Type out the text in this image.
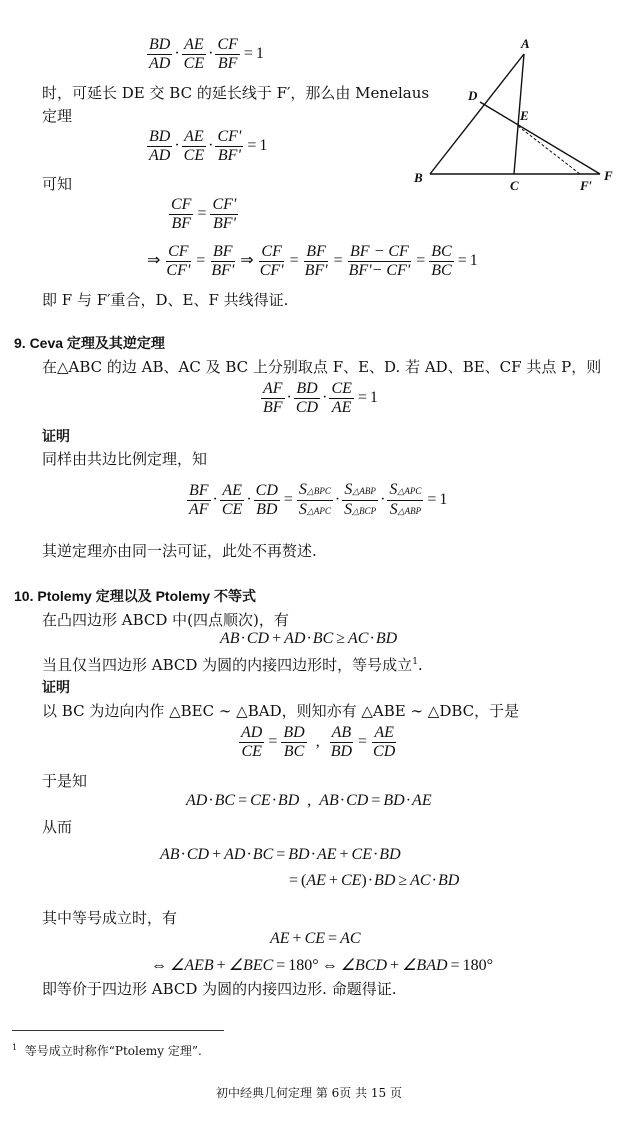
$\frac{BD}{AD} \cdot \frac{AE}{CE} \cdot \frac{CF}{BF} = 1$
时，可延长 DE 交 BC 的延长线于 F′，那么由 Menelaus
定理
$\frac{BD}{AD} \cdot \frac{AE}{CE} \cdot \frac{CF'}{BF'} = 1$
可知
$\frac{CF}{BF} = \frac{CF'}{BF'}$
⇒ $\frac{CF}{CF'} = \frac{BF}{BF'}$ ⇒ $\frac{CF}{CF'} = \frac{BF}{BF'} = \frac{BF - CF}{BF'- CF'} = \frac{BC}{BC} = 1$
即 F 与 F′重合，D、E、F 共线得证.
A
D
E
B
C	F′
F
9. Ceva 定理及其逆定理
在△ABC 的边 AB、AC 及 BC 上分别取点 F、E、D. 若 AD、BE、CF 共点 P，则
$\frac{AF}{BF} \cdot \frac{BD}{CD} \cdot \frac{CE}{AE} = 1$
证明
同样由共边比例定理，知
$\frac{BF}{AF} \cdot \frac{AE}{CE} \cdot \frac{CD}{BD} = \frac{\text{S△BPC}}{\text{S△APC}} \cdot \frac{\text{S△ABP}}{\text{S△BCP}} \cdot \frac{\text{S△APC}}{\text{S△ABP}} = 1$
其逆定理亦由同一法可证，此处不再赘述.
10. Ptolemy 定理以及 Ptolemy 不等式
在凸四边形 ABCD 中(四点顺次)，有
AB·CD + AD·BC ≥ AC·BD
当且仅当四边形 ABCD 为圆的内接四边形时，等号成立$^1$.
证明
以 BC 为边向内作 △BEC ∼ △BAD，则知亦有 △ABE ∼ △DBC，于是
$\frac{AD}{CE} = \frac{BD}{BC}$ , $\frac{AB}{BD} = \frac{AE}{CD}$
于是知
AD·BC = CE·BD , AB·CD = BD·AE
从而
AB·CD + AD·BC = BD·AE + CE·BD
= (AE + CE)·BD ≥ AC·BD
其中等号成立时，有
AE + CE = AC
⇔ ∠AEB + ∠BEC = 180° ⇔ ∠BCD + ∠BAD = 180°
即等价于四边形 ABCD 为圆的内接四边形. 命题得证.
$^1$ 等号成立时称作“Ptolemy 定理”.
初中经典几何定理 第 6页 共 15 页
